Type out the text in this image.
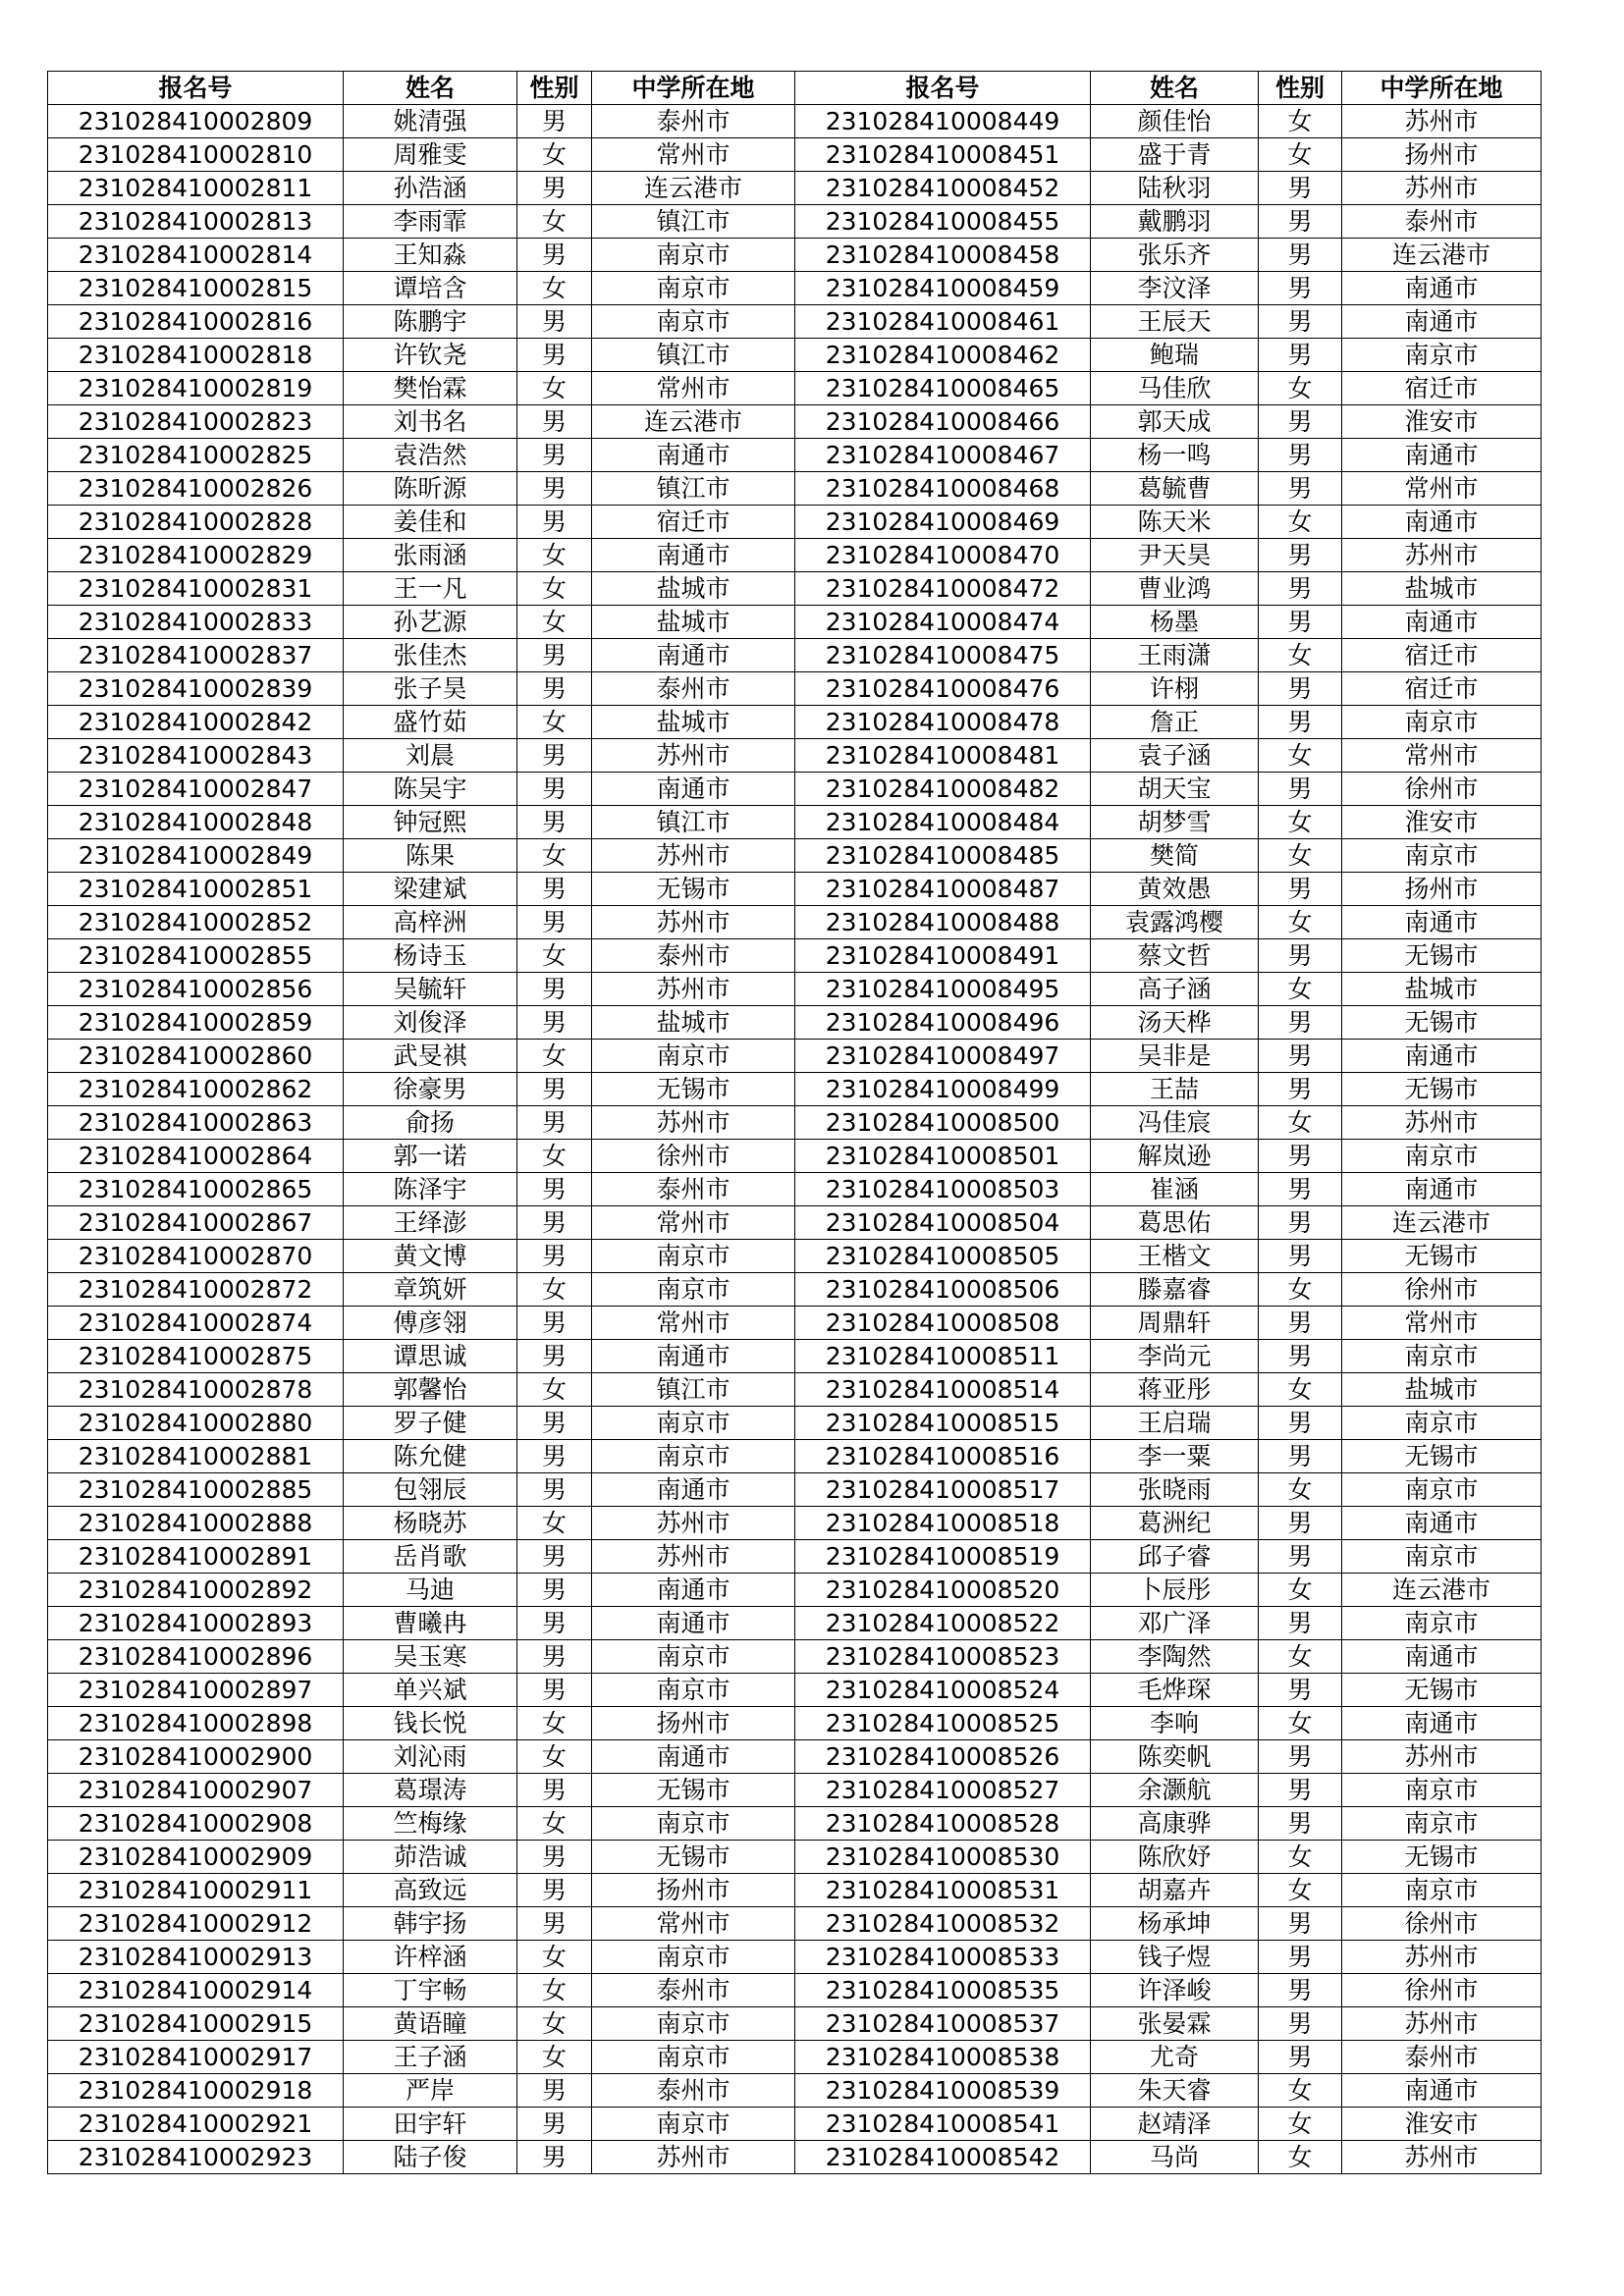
报名号	姓名	性别	中学所在地	报名号	姓名	性别	中学所在地
231028410002809	姚清强	男	泰州市	231028410008449	颜佳怡	女	苏州市
231028410002810	周雅雯	女	常州市	231028410008451	盛于青	女	扬州市
231028410002811	孙浩涵	男	连云港市	231028410008452	陆秋羽	男	苏州市
231028410002813	李雨霏	女	镇江市	231028410008455	戴鹏羽	男	泰州市
231028410002814	王知淼	男	南京市	231028410008458	张乐齐	男	连云港市
231028410002815	谭培含	女	南京市	231028410008459	李汶泽	男	南通市
231028410002816	陈鹏宇	男	南京市	231028410008461	王辰天	男	南通市
231028410002818	许钦尧	男	镇江市	231028410008462	鲍瑞	男	南京市
231028410002819	樊怡霖	女	常州市	231028410008465	马佳欣	女	宿迁市
231028410002823	刘书名	男	连云港市	231028410008466	郭天成	男	淮安市
231028410002825	袁浩然	男	南通市	231028410008467	杨一鸣	男	南通市
231028410002826	陈昕源	男	镇江市	231028410008468	葛毓曹	男	常州市
231028410002828	姜佳和	男	宿迁市	231028410008469	陈天米	女	南通市
231028410002829	张雨涵	女	南通市	231028410008470	尹天昊	男	苏州市
231028410002831	王一凡	女	盐城市	231028410008472	曹业鸿	男	盐城市
231028410002833	孙艺源	女	盐城市	231028410008474	杨墨	男	南通市
231028410002837	张佳杰	男	南通市	231028410008475	王雨潇	女	宿迁市
231028410002839	张子昊	男	泰州市	231028410008476	许栩	男	宿迁市
231028410002842	盛竹茹	女	盐城市	231028410008478	詹正	男	南京市
231028410002843	刘晨	男	苏州市	231028410008481	袁子涵	女	常州市
231028410002847	陈吴宇	男	南通市	231028410008482	胡天宝	男	徐州市
231028410002848	钟冠熙	男	镇江市	231028410008484	胡梦雪	女	淮安市
231028410002849	陈果	女	苏州市	231028410008485	樊简	女	南京市
231028410002851	梁建斌	男	无锡市	231028410008487	黄效愚	男	扬州市
231028410002852	高梓洲	男	苏州市	231028410008488	袁露鸿樱	女	南通市
231028410002855	杨诗玉	女	泰州市	231028410008491	蔡文哲	男	无锡市
231028410002856	吴毓轩	男	苏州市	231028410008495	高子涵	女	盐城市
231028410002859	刘俊泽	男	盐城市	231028410008496	汤天桦	男	无锡市
231028410002860	武旻祺	女	南京市	231028410008497	吴非是	男	南通市
231028410002862	徐豪男	男	无锡市	231028410008499	王喆	男	无锡市
231028410002863	俞扬	男	苏州市	231028410008500	冯佳宸	女	苏州市
231028410002864	郭一诺	女	徐州市	231028410008501	解岚逊	男	南京市
231028410002865	陈泽宇	男	泰州市	231028410008503	崔涵	男	南通市
231028410002867	王绎澎	男	常州市	231028410008504	葛思佑	男	连云港市
231028410002870	黄文博	男	南京市	231028410008505	王楷文	男	无锡市
231028410002872	章筑妍	女	南京市	231028410008506	滕嘉睿	女	徐州市
231028410002874	傅彦翎	男	常州市	231028410008508	周鼎轩	男	常州市
231028410002875	谭思诚	男	南通市	231028410008511	李尚元	男	南京市
231028410002878	郭馨怡	女	镇江市	231028410008514	蒋亚彤	女	盐城市
231028410002880	罗子健	男	南京市	231028410008515	王启瑞	男	南京市
231028410002881	陈允健	男	南京市	231028410008516	李一粟	男	无锡市
231028410002885	包翎辰	男	南通市	231028410008517	张晓雨	女	南京市
231028410002888	杨晓苏	女	苏州市	231028410008518	葛洲纪	男	南通市
231028410002891	岳肖歌	男	苏州市	231028410008519	邱子睿	男	南京市
231028410002892	马迪	男	南通市	231028410008520	卜辰彤	女	连云港市
231028410002893	曹曦冉	男	南通市	231028410008522	邓广泽	男	南京市
231028410002896	吴玉寒	男	南京市	231028410008523	李陶然	女	南通市
231028410002897	单兴斌	男	南京市	231028410008524	毛烨琛	男	无锡市
231028410002898	钱长悦	女	扬州市	231028410008525	李响	女	南通市
231028410002900	刘沁雨	女	南通市	231028410008526	陈奕帆	男	苏州市
231028410002907	葛璟涛	男	无锡市	231028410008527	余灏航	男	南京市
231028410002908	竺梅缘	女	南京市	231028410008528	高康骅	男	南京市
231028410002909	茆浩诚	男	无锡市	231028410008530	陈欣妤	女	无锡市
231028410002911	高致远	男	扬州市	231028410008531	胡嘉卉	女	南京市
231028410002912	韩宇扬	男	常州市	231028410008532	杨承坤	男	徐州市
231028410002913	许梓涵	女	南京市	231028410008533	钱子煜	男	苏州市
231028410002914	丁宇畅	女	泰州市	231028410008535	许泽峻	男	徐州市
231028410002915	黄语瞳	女	南京市	231028410008537	张晏霖	男	苏州市
231028410002917	王子涵	女	南京市	231028410008538	尤奇	男	泰州市
231028410002918	严岸	男	泰州市	231028410008539	朱天睿	女	南通市
231028410002921	田宇轩	男	南京市	231028410008541	赵靖泽	女	淮安市
231028410002923	陆子俊	男	苏州市	231028410008542	马尚	女	苏州市
